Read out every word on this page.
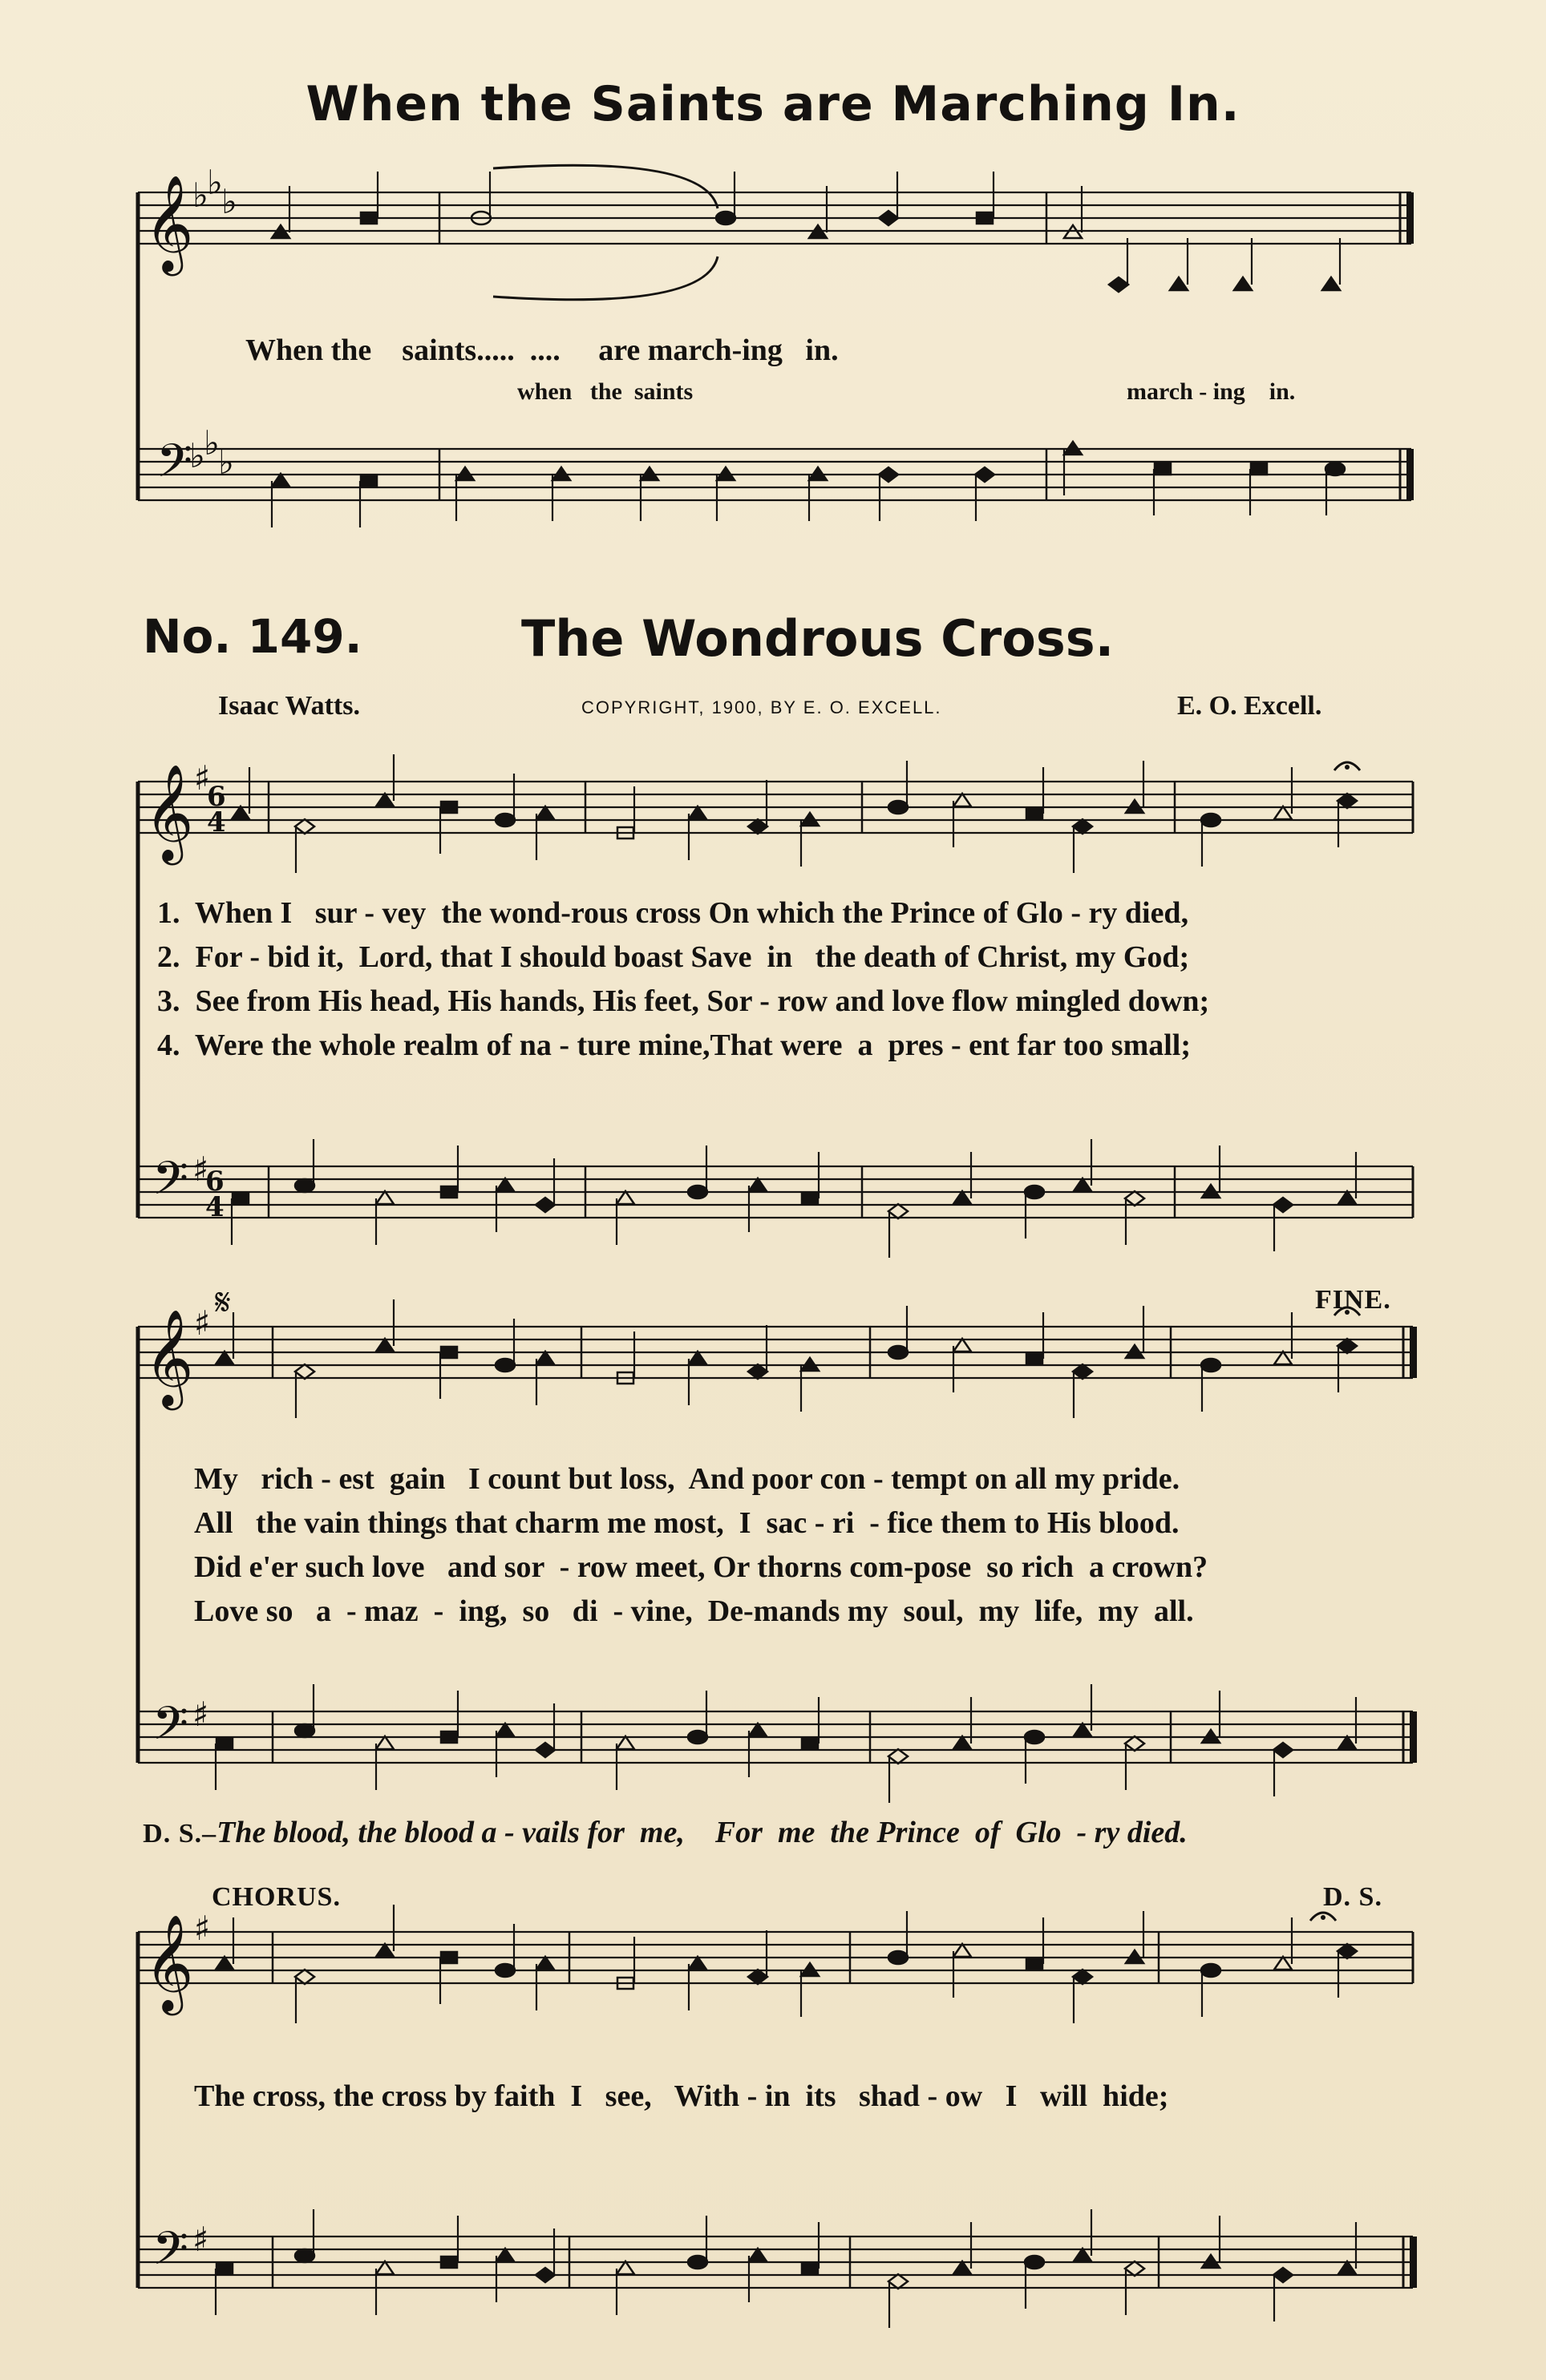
When the Saints are Marching In.
𝄞
𝄢
♭
♭
♭
♭
♭
♭
𝄞
𝄢
♯
♯
6
4
6
4
𝄞
𝄢
♯
♯
𝄞
𝄢
♯
♯
𝄋
When the    saints.....  ....     are march-ing   in.
when   the  saints	march - ing    in.
No. 149.	The Wondrous Cross.
Isaac Watts.	COPYRIGHT, 1900, BY E. O. EXCELL.	E. O. Excell.
1.  When I   sur - vey  the wond-rous cross On which the Prince of Glo - ry died,
2.  For - bid it,  Lord, that I should boast Save  in   the death of Christ, my God;
3.  See from His head, His hands, His feet, Sor - row and love flow mingled down;
4.  Were the whole realm of na - ture mine,That were  a  pres - ent far too small;
FINE.
My   rich - est  gain   I count but loss,  And poor con - tempt on all my pride.
All   the vain things that charm me most,  I  sac - ri  - fice them to His blood.
Did e'er such love   and sor  - row meet, Or thorns com-pose  so rich  a crown?
Love so   a  - maz  -  ing,  so   di  - vine,  De-mands my  soul,  my  life,  my  all.

D. S.–The blood, the blood a - vails for  me,    For  me  the Prince  of  Glo  - ry died.

CHORUS.	D. S.
The cross, the cross by faith  I   see,   With - in  its   shad - ow   I   will  hide;
